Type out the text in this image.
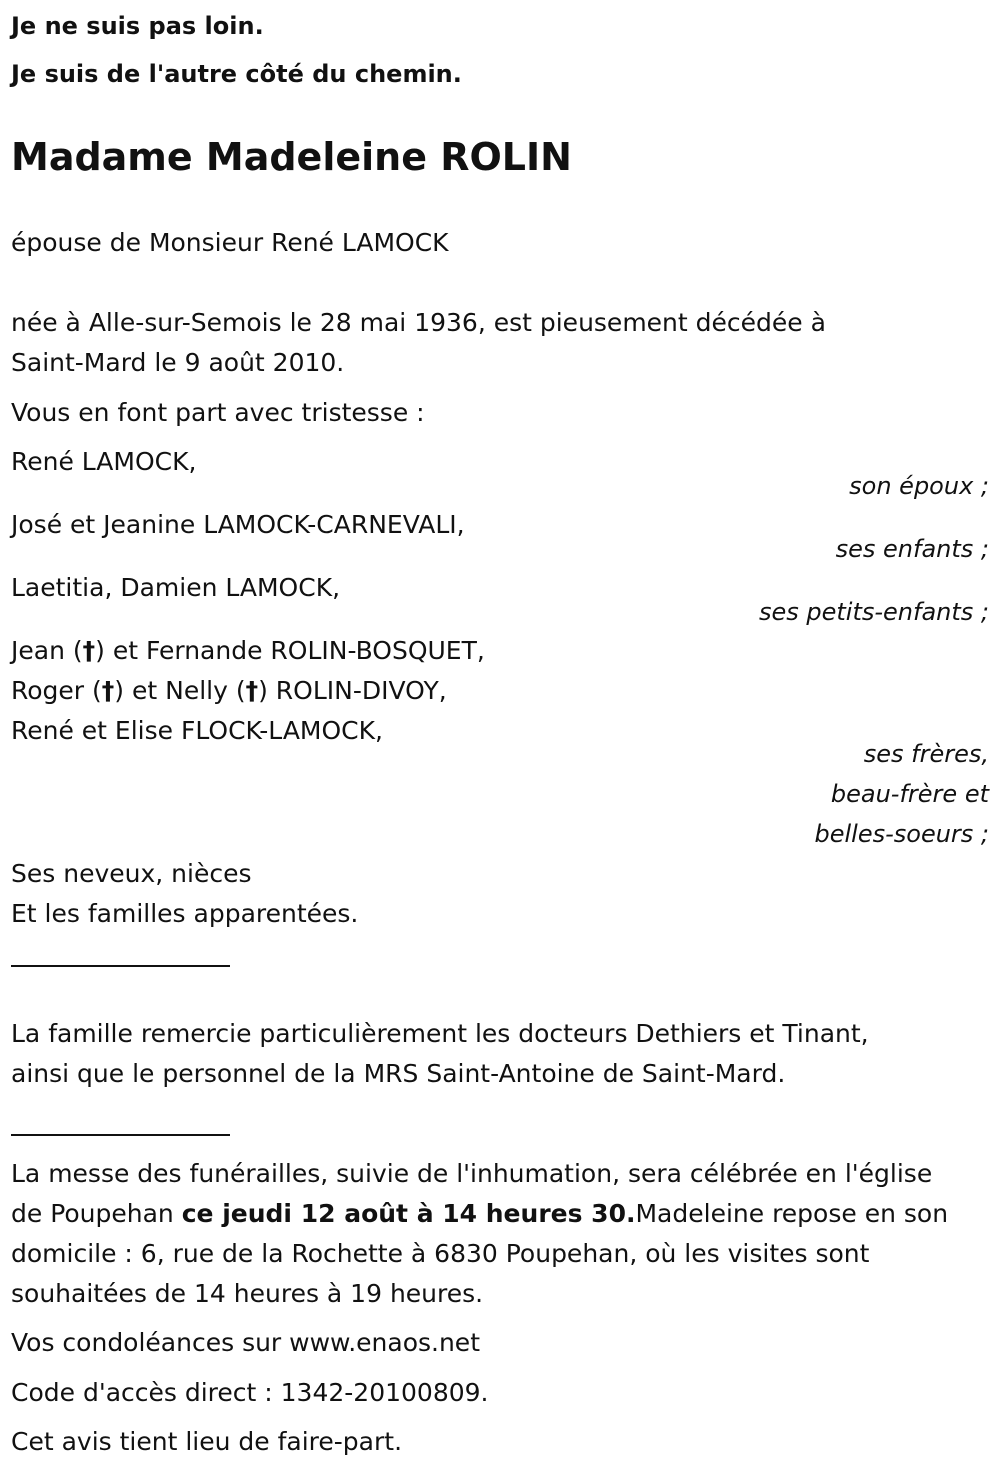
Je ne suis pas loin.
Je suis de l'autre côté du chemin.
Madame Madeleine ROLIN
épouse de Monsieur René LAMOCK
née à Alle-sur-Semois le 28 mai 1936, est pieusement décédée à
Saint-Mard le 9 août 2010.
Vous en font part avec tristesse :
René LAMOCK,
son époux ;
José et Jeanine LAMOCK-CARNEVALI,
ses enfants ;
Laetitia, Damien LAMOCK,
ses petits-enfants ;
Jean (†) et Fernande ROLIN-BOSQUET,
Roger (†) et Nelly (†) ROLIN-DIVOY,
René et Elise FLOCK-LAMOCK,
ses frères,
beau-frère et
belles-soeurs ;
Ses neveux, nièces
Et les familles apparentées.
La famille remercie particulièrement les docteurs Dethiers et Tinant,
ainsi que le personnel de la MRS Saint-Antoine de Saint-Mard.
La messe des funérailles, suivie de l'inhumation, sera célébrée en l'église
de Poupehan ce jeudi 12 août à 14 heures 30.Madeleine repose en son
domicile : 6, rue de la Rochette à 6830 Poupehan, où les visites sont
souhaitées de 14 heures à 19 heures.
Vos condoléances sur www.enaos.net
Code d'accès direct : 1342-20100809.
Cet avis tient lieu de faire-part.
